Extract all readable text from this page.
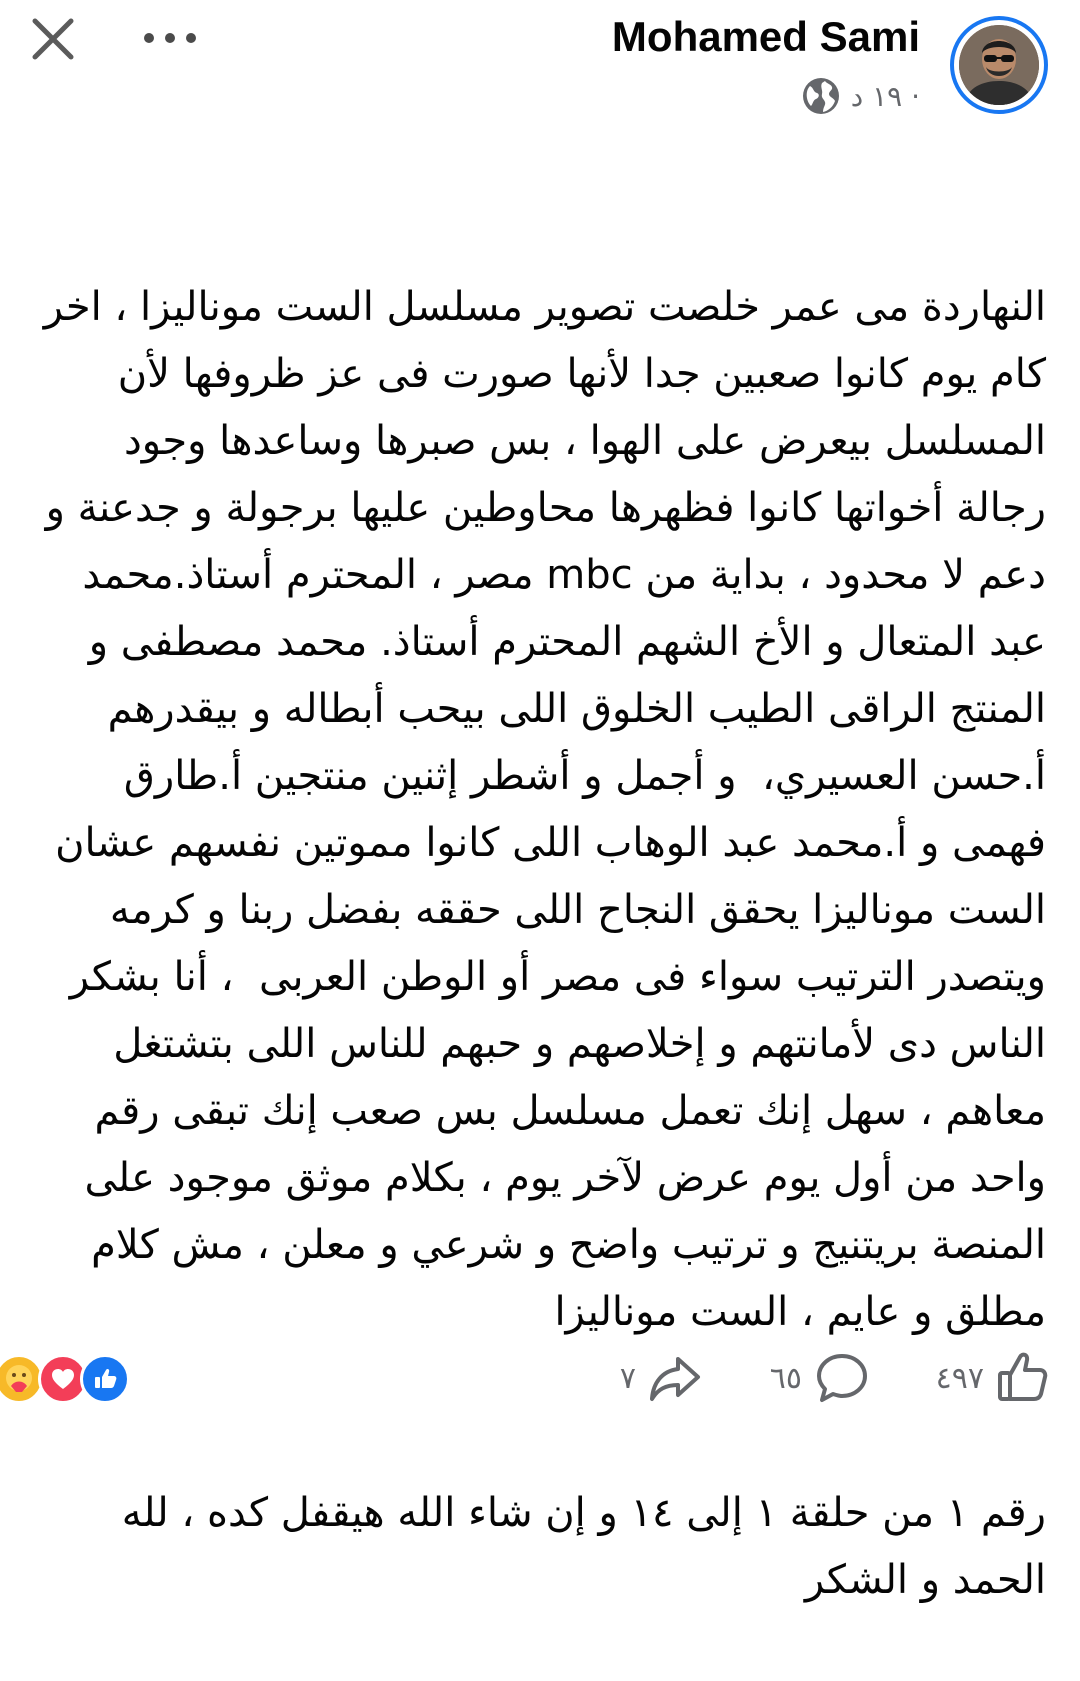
Mohamed Sami
١٩ د ·

النهاردة مى عمر خلصت تصوير مسلسل الست موناليزا ، اخر كام يوم كانوا صعبين جدا لأنها صورت فى عز ظروفها لأن المسلسل بيعرض على الهوا ، بس صبرها وساعدها وجود رجالة أخواتها كانوا فظهرها محاوطين عليها برجولة و جدعنة و دعم لا محدود ، بداية من mbc مصر ، المحترم أستاذ.محمد عبد المتعال و الأخ الشهم المحترم أستاذ. محمد مصطفى و المنتج الراقى الطيب الخلوق اللى بيحب أبطاله و بيقدرهم أ.حسن العسيري،  و أجمل و أشطر إثنين منتجين أ.طارق فهمى و أ.محمد عبد الوهاب اللى كانوا مموتين نفسهم عشان الست موناليزا يحقق النجاح اللى حققه بفضل ربنا و كرمه ويتصدر الترتيب سواء فى مصر أو الوطن العربى  ، أنا بشكر الناس دى لأمانتهم و إخلاصهم و حبهم للناس اللى بتشتغل معاهم ، سهل إنك تعمل مسلسل بس صعب إنك تبقى رقم واحد من أول يوم عرض لآخر يوم ، بكلام موثق موجود على المنصة بريتنيج و ترتيب واضح و شرعي و معلن ، مش كلام مطلق و عايم ، الست موناليزا

رقم ١ من حلقة ١ إلى ١٤ و إن شاء الله هيقفل كده ، لله الحمد و الشكر

٧	٦٥	٤٩٧
